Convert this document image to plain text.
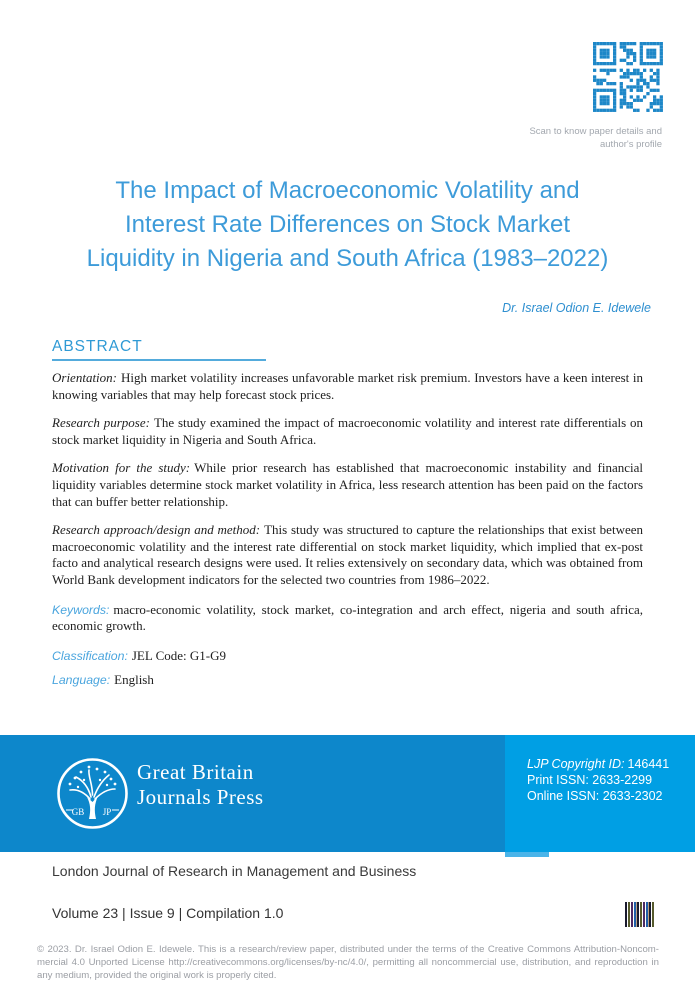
Scan to know paper details and
author's profile
The Impact of Macroeconomic Volatility and
Interest Rate Differences on Stock Market
Liquidity in Nigeria and South Africa (1983–2022)
Dr. Israel Odion E. Idewele
ABSTRACT

Orientation: High market volatility increases unfavorable market risk premium. Investors have a keen interest in knowing variables that may help forecast stock prices.

Research purpose: The study examined the impact of macroeconomic volatility and interest rate differentials on stock market liquidity in Nigeria and South Africa.

Motivation for the study: While prior research has established that macroeconomic instability and financial liquidity variables determine stock market volatility in Africa, less research attention has been paid on the factors that can buffer better relationship.

Research approach/design and method: This study was structured to capture the relationships that exist between macroeconomic volatility and the interest rate differential on stock market liquidity, which implied that ex-post facto and analytical research designs were used. It relies extensively on secondary data, which was obtained from World Bank development indicators for the selected two countries from 1986–2022.

Keywords: macro-economic volatility, stock market, co-integration and arch effect, nigeria and south africa, economic growth.

Classification: JEL Code: G1-G9

Language: English

GB JP
Great Britain
Journals Press
LJP Copyright ID: 146441
Print ISSN: 2633-2299
Online ISSN: 2633-2302
London Journal of Research in Management and Business
Volume 23 | Issue 9 | Compilation 1.0
© 2023. Dr. Israel Odion E. Idewele. This is a research/review paper, distributed under the terms of the Creative Commons Attribution-Noncom-mercial 4.0 Unported License http://creativecommons.org/licenses/by-nc/4.0/, permitting all noncommercial use, distribution, and reproduction in any medium, provided the original work is properly cited.
